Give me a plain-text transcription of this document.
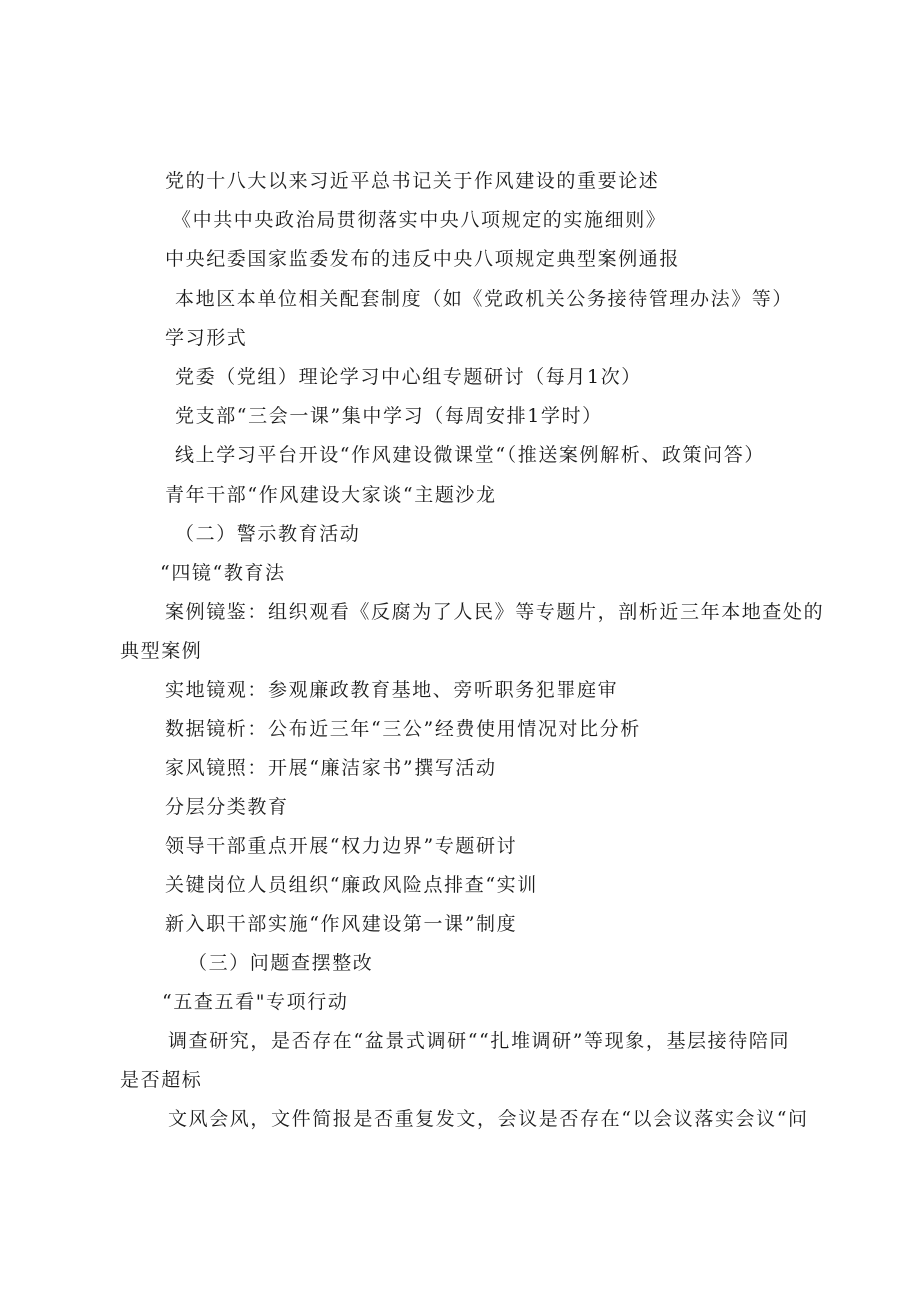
党的十八大以来习近平总书记关于作风建设的重要论述
《中共中央政治局贯彻落实中央八项规定的实施细则》
中央纪委国家监委发布的违反中央八项规定典型案例通报
本地区本单位相关配套制度（如《党政机关公务接待管理办法》等）
学习形式
党委（党组）理论学习中心组专题研讨（每月1次）
党支部“三会一课”集中学习（每周安排1学时）
线上学习平台开设“作风建设微课堂“（推送案例解析、政策问答）
青年干部“作风建设大家谈“主题沙龙
（二）警示教育活动
“四镜“教育法
案例镜鉴：组织观看《反腐为了人民》等专题片，剖析近三年本地查处的
典型案例
实地镜观：参观廉政教育基地、旁听职务犯罪庭审
数据镜析：公布近三年“三公”经费使用情况对比分析
家风镜照：开展“廉洁家书”撰写活动
分层分类教育
领导干部重点开展“权力边界”专题研讨
关键岗位人员组织“廉政风险点排查“实训
新入职干部实施“作风建设第一课”制度
（三）问题查摆整改
“五查五看"专项行动
调查研究，是否存在“盆景式调研““扎堆调研”等现象，基层接待陪同
是否超标
文风会风，文件简报是否重复发文，会议是否存在“以会议落实会议“问
